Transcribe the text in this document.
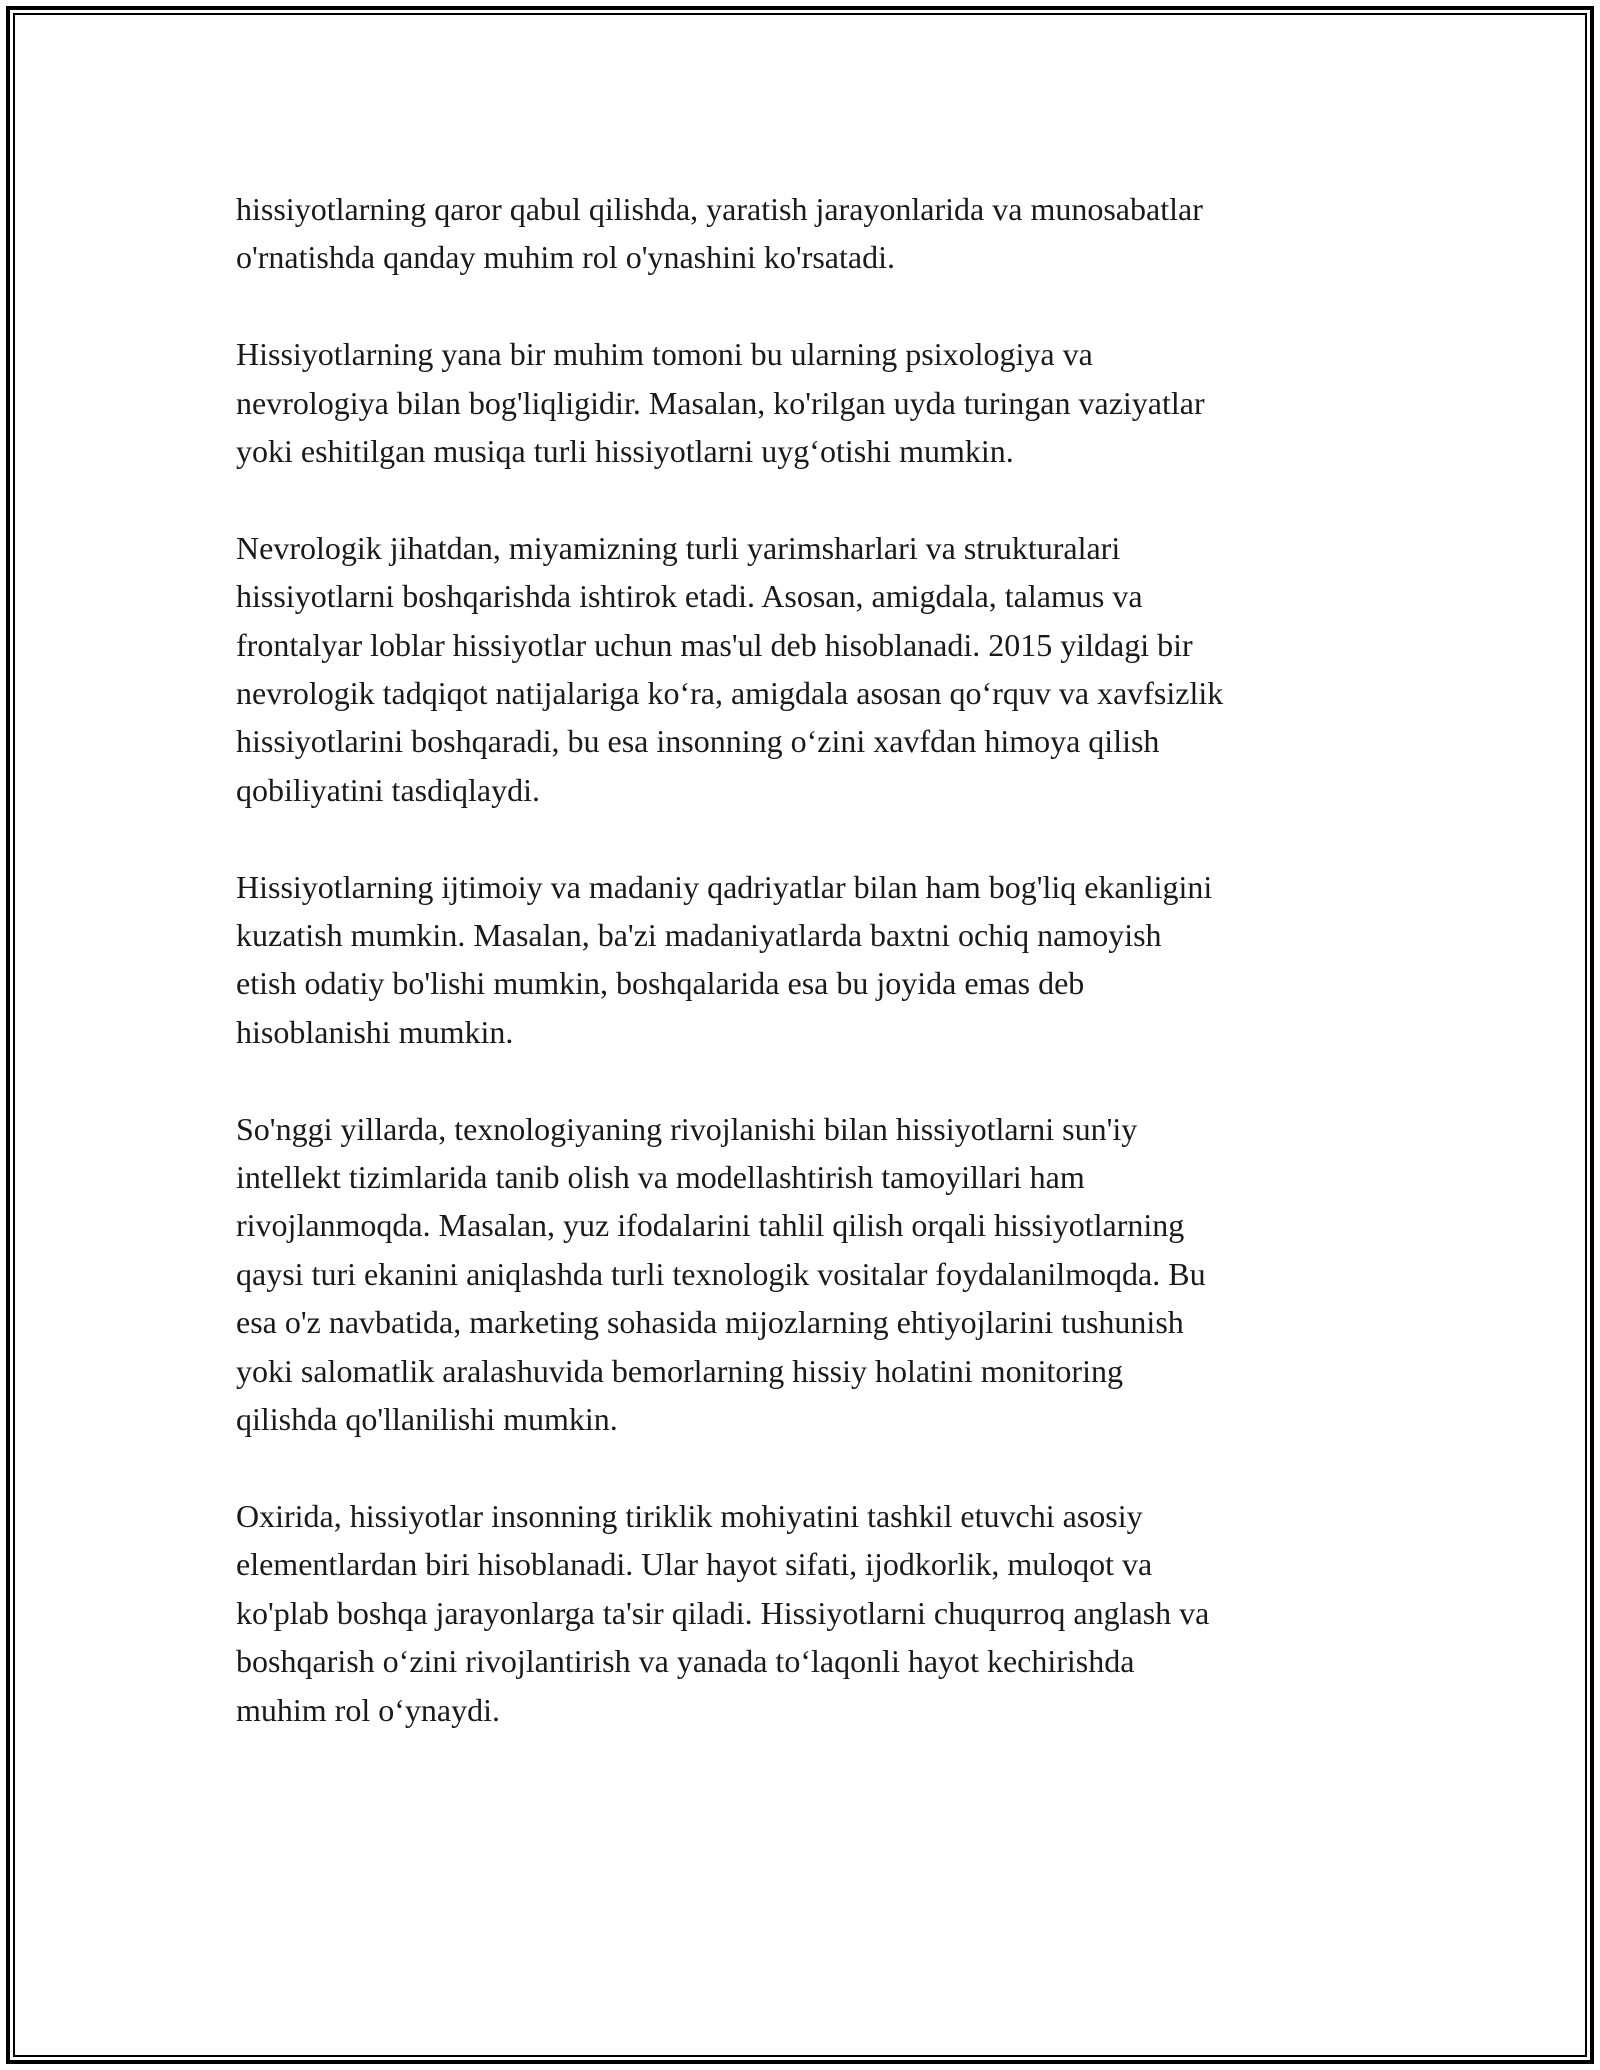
hissiyotlarning qaror qabul qilishda, yaratish jarayonlarida va munosabatlar
o'rnatishda qanday muhim rol o'ynashini ko'rsatadi.

Hissiyotlarning yana bir muhim tomoni bu ularning psixologiya va
nevrologiya bilan bog'liqligidir. Masalan, ko'rilgan uyda turingan vaziyatlar
yoki eshitilgan musiqa turli hissiyotlarni uyg‘otishi mumkin.

Nevrologik jihatdan, miyamizning turli yarimsharlari va strukturalari
hissiyotlarni boshqarishda ishtirok etadi. Asosan, amigdala, talamus va
frontalyar loblar hissiyotlar uchun mas'ul deb hisoblanadi. 2015 yildagi bir
nevrologik tadqiqot natijalariga ko‘ra, amigdala asosan qo‘rquv va xavfsizlik
hissiyotlarini boshqaradi, bu esa insonning o‘zini xavfdan himoya qilish
qobiliyatini tasdiqlaydi.

Hissiyotlarning ijtimoiy va madaniy qadriyatlar bilan ham bog'liq ekanligini
kuzatish mumkin. Masalan, ba'zi madaniyatlarda baxtni ochiq namoyish
etish odatiy bo'lishi mumkin, boshqalarida esa bu joyida emas deb
hisoblanishi mumkin.

So'nggi yillarda, texnologiyaning rivojlanishi bilan hissiyotlarni sun'iy
intellekt tizimlarida tanib olish va modellashtirish tamoyillari ham
rivojlanmoqda. Masalan, yuz ifodalarini tahlil qilish orqali hissiyotlarning
qaysi turi ekanini aniqlashda turli texnologik vositalar foydalanilmoqda. Bu
esa o'z navbatida, marketing sohasida mijozlarning ehtiyojlarini tushunish
yoki salomatlik aralashuvida bemorlarning hissiy holatini monitoring
qilishda qo'llanilishi mumkin.

Oxirida, hissiyotlar insonning tiriklik mohiyatini tashkil etuvchi asosiy
elementlardan biri hisoblanadi. Ular hayot sifati, ijodkorlik, muloqot va
ko'plab boshqa jarayonlarga ta'sir qiladi. Hissiyotlarni chuqurroq anglash va
boshqarish o‘zini rivojlantirish va yanada to‘laqonli hayot kechirishda
muhim rol o‘ynaydi.
